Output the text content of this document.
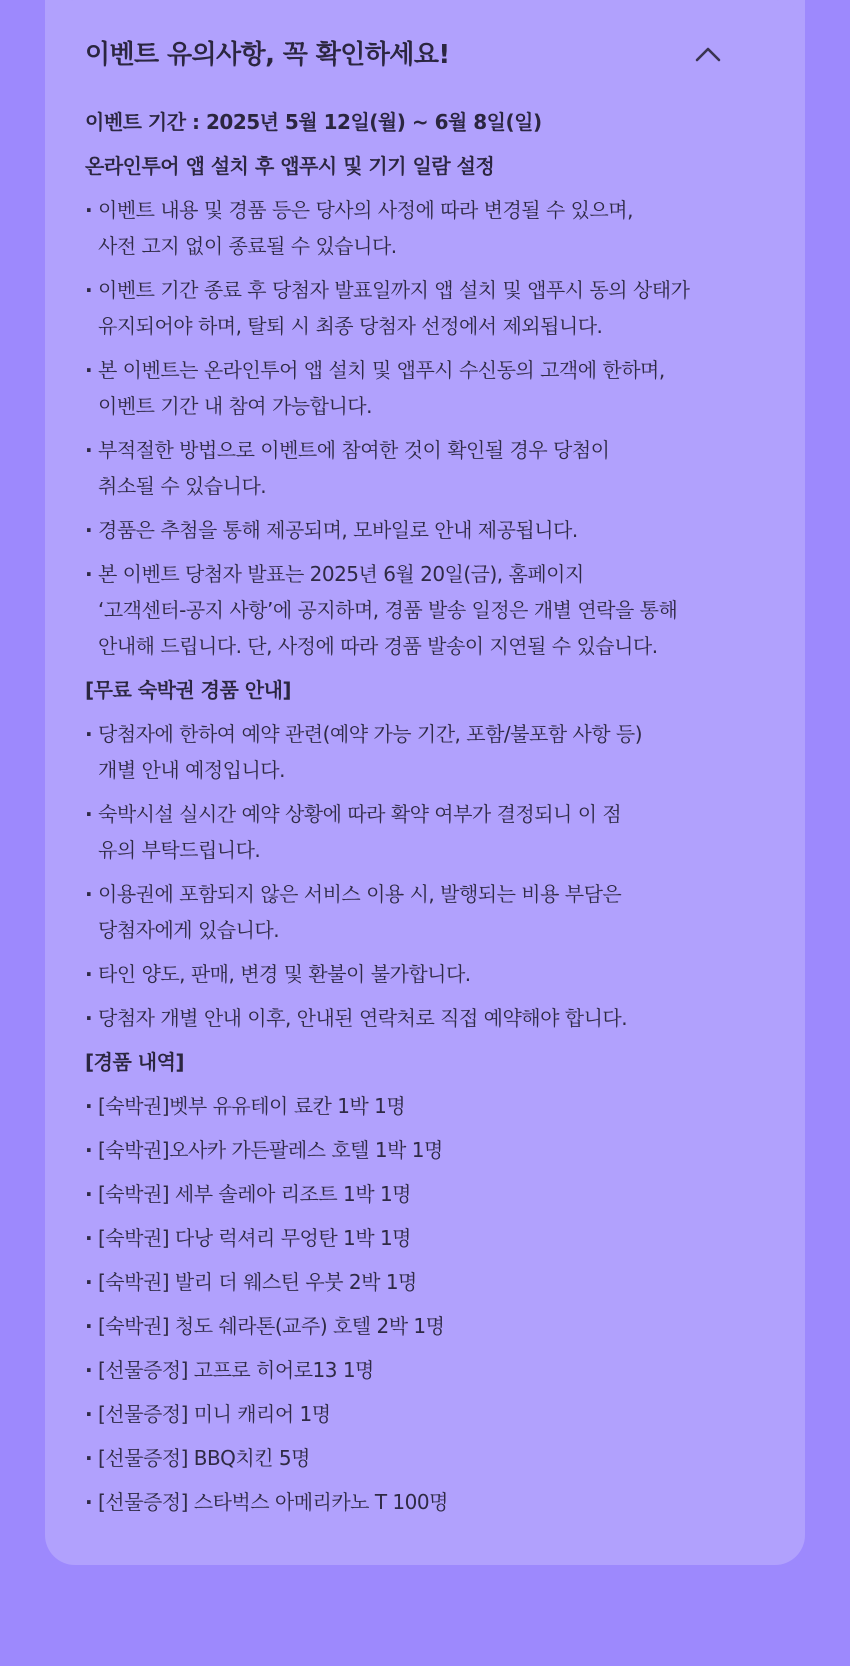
이벤트 유의사항, 꼭 확인하세요!
이벤트 기간 : 2025년 5월 12일(월) ~ 6월 8일(일)
온라인투어 앱 설치 후 앱푸시 및 기기 일람 설정
· 이벤트 내용 및 경품 등은 당사의 사정에 따라 변경될 수 있으며,
사전 고지 없이 종료될 수 있습니다.
· 이벤트 기간 종료 후 당첨자 발표일까지 앱 설치 및 앱푸시 동의 상태가
유지되어야 하며, 탈퇴 시 최종 당첨자 선정에서 제외됩니다.
· 본 이벤트는 온라인투어 앱 설치 및 앱푸시 수신동의 고객에 한하며,
이벤트 기간 내 참여 가능합니다.
· 부적절한 방법으로 이벤트에 참여한 것이 확인될 경우 당첨이
취소될 수 있습니다.
· 경품은 추첨을 통해 제공되며, 모바일로 안내 제공됩니다.
· 본 이벤트 당첨자 발표는 2025년 6월 20일(금), 홈페이지
‘고객센터-공지 사항’에 공지하며, 경품 발송 일정은 개별 연락을 통해
안내해 드립니다. 단, 사정에 따라 경품 발송이 지연될 수 있습니다.
[무료 숙박권 경품 안내]
· 당첨자에 한하여 예약 관련(예약 가능 기간, 포함/불포함 사항 등)
개별 안내 예정입니다.
· 숙박시설 실시간 예약 상황에 따라 확약 여부가 결정되니 이 점
유의 부탁드립니다.
· 이용권에 포함되지 않은 서비스 이용 시, 발행되는 비용 부담은
당첨자에게 있습니다.
· 타인 양도, 판매, 변경 및 환불이 불가합니다.
· 당첨자 개별 안내 이후, 안내된 연락처로 직접 예약해야 합니다.
[경품 내역]
· [숙박권]벳부 유유테이 료칸 1박 1명
· [숙박권]오사카 가든팔레스 호텔 1박 1명
· [숙박권] 세부 솔레아 리조트 1박 1명
· [숙박권] 다낭 럭셔리 무엉탄 1박 1명
· [숙박권] 발리 더 웨스틴 우붓 2박 1명
· [숙박권] 청도 쉐라톤(교주) 호텔 2박 1명
· [선물증정] 고프로 히어로13 1명
· [선물증정] 미니 캐리어 1명
· [선물증정] BBQ치킨 5명
· [선물증정] 스타벅스 아메리카노 T 100명
